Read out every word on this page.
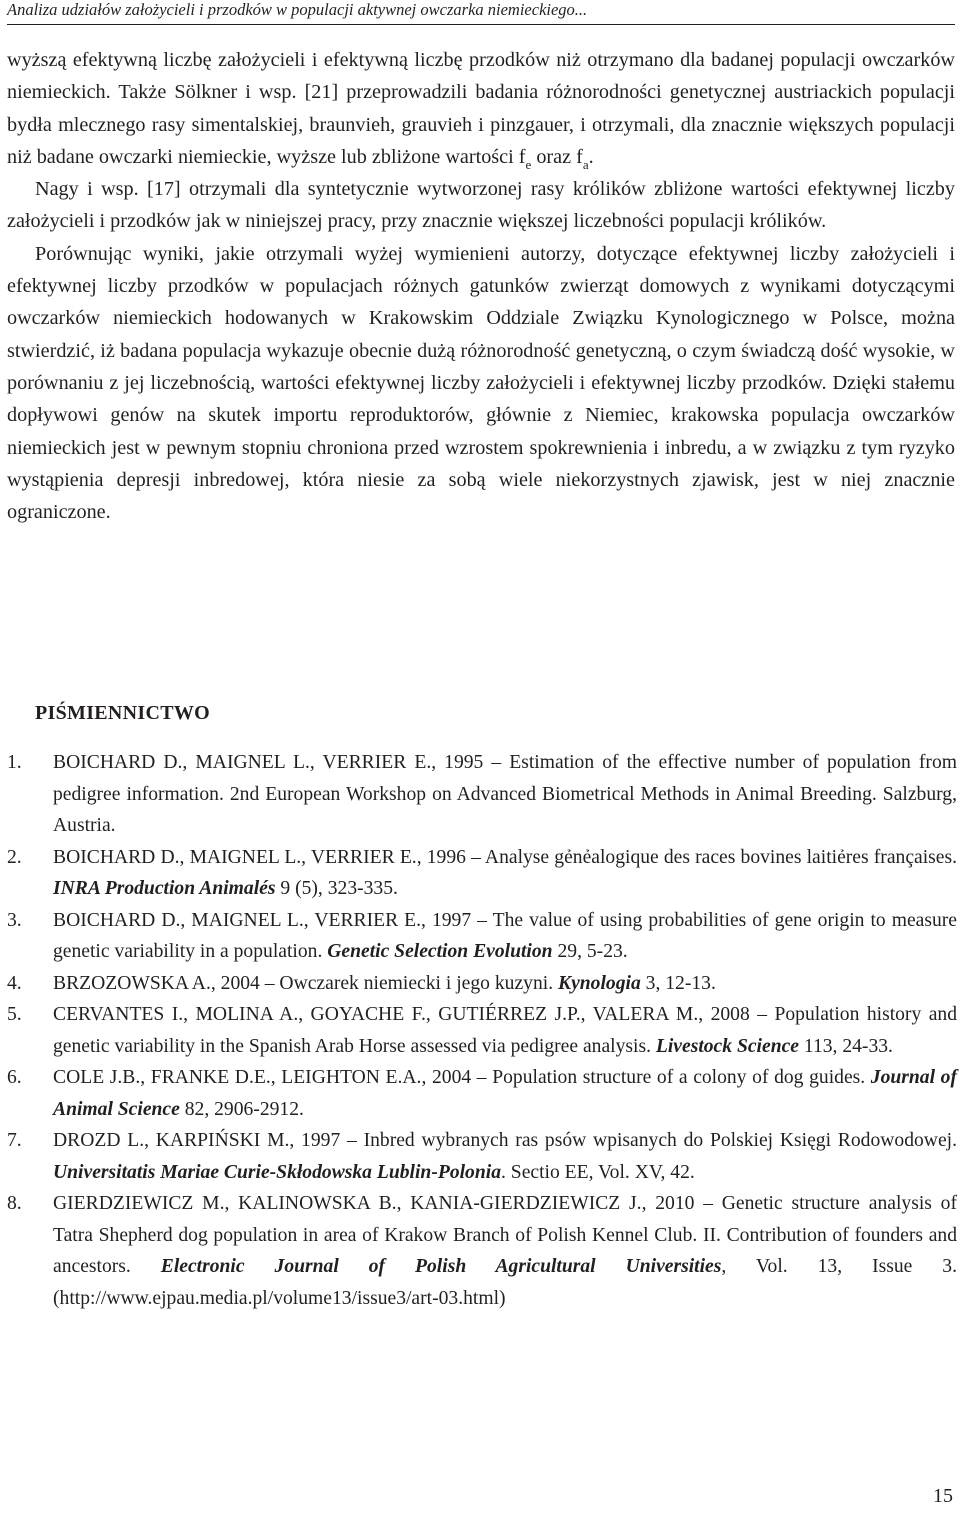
Analiza udziałów założycieli i przodków w populacji aktywnej owczarka niemieckiego...

wyższą efektywną liczbę założycieli i efektywną liczbę przodków niż otrzymano dla badanej populacji owczarków niemieckich. Także Sölkner i wsp. [21] przeprowadzili badania różnorodności genetycznej austriackich populacji bydła mlecznego rasy simentalskiej, braunvieh, grauvieh i pinzgauer, i otrzymali, dla znacznie większych populacji niż badane owczarki niemieckie, wyższe lub zbliżone wartości $f_e$ oraz $f_a$.

Nagy i wsp. [17] otrzymali dla syntetycznie wytworzonej rasy królików zbliżone wartości efektywnej liczby założycieli i przodków jak w niniejszej pracy, przy znacznie większej liczebności populacji królików.

Porównując wyniki, jakie otrzymali wyżej wymienieni autorzy, dotyczące efektywnej liczby założycieli i efektywnej liczby przodków w populacjach różnych gatunków zwierząt domowych z wynikami dotyczącymi owczarków niemieckich hodowanych w Krakowskim Oddziale Związku Kynologicznego w Polsce, można stwierdzić, iż badana populacja wykazuje obecnie dużą różnorodność genetyczną, o czym świadczą dość wysokie, w porównaniu z jej liczebnością, wartości efektywnej liczby założycieli i efektywnej liczby przodków. Dzięki stałemu dopływowi genów na skutek importu reproduktorów, głównie z Niemiec, krakowska populacja owczarków niemieckich jest w pewnym stopniu chroniona przed wzrostem spokrewnienia i inbredu, a w związku z tym ryzyko wystąpienia depresji inbredowej, która niesie za sobą wiele niekorzystnych zjawisk, jest w niej znacznie ograniczone.

PIŚMIENNICTWO

1. BOICHARD D., MAIGNEL L., VERRIER E., 1995 – Estimation of the effective number of population from pedigree information. 2nd European Workshop on Advanced Biometrical Methods in Animal Breeding. Salzburg, Austria.

2. BOICHARD D., MAIGNEL L., VERRIER E., 1996 – Analyse gẻnẻalogique des races bovines laitiẻres françaises. INRA Production Animalés 9 (5), 323-335.

3. BOICHARD D., MAIGNEL L., VERRIER E., 1997 – The value of using probabilities of gene origin to measure genetic variability in a population. Genetic Selection Evolution 29, 5-23.

4. BRZOZOWSKA A., 2004 – Owczarek niemiecki i jego kuzyni. Kynologia 3, 12-13.

5. CERVANTES I., MOLINA A., GOYACHE F., GUTIÉRREZ J.P., VALERA M., 2008 – Population history and genetic variability in the Spanish Arab Horse assessed via pedigree analysis. Livestock Science 113, 24-33.

6. COLE J.B., FRANKE D.E., LEIGHTON E.A., 2004 – Population structure of a colony of dog guides. Journal of Animal Science 82, 2906-2912.

7. DROZD L., KARPIŃSKI M., 1997 – Inbred wybranych ras psów wpisanych do Polskiej Księgi Rodowodowej. Universitatis Mariae Curie-Skłodowska Lublin-Polonia. Sectio EE, Vol. XV, 42.

8. GIERDZIEWICZ M., KALINOWSKA B., KANIA-GIERDZIEWICZ J., 2010 – Genetic structure analysis of Tatra Shepherd dog population in area of Krakow Branch of Polish Kennel Club. II. Contribution of founders and ancestors. Electronic Journal of Polish Agricultural Universities, Vol. 13, Issue 3. (http://www.ejpau.media.pl/volume13/issue3/art-03.html)

15
